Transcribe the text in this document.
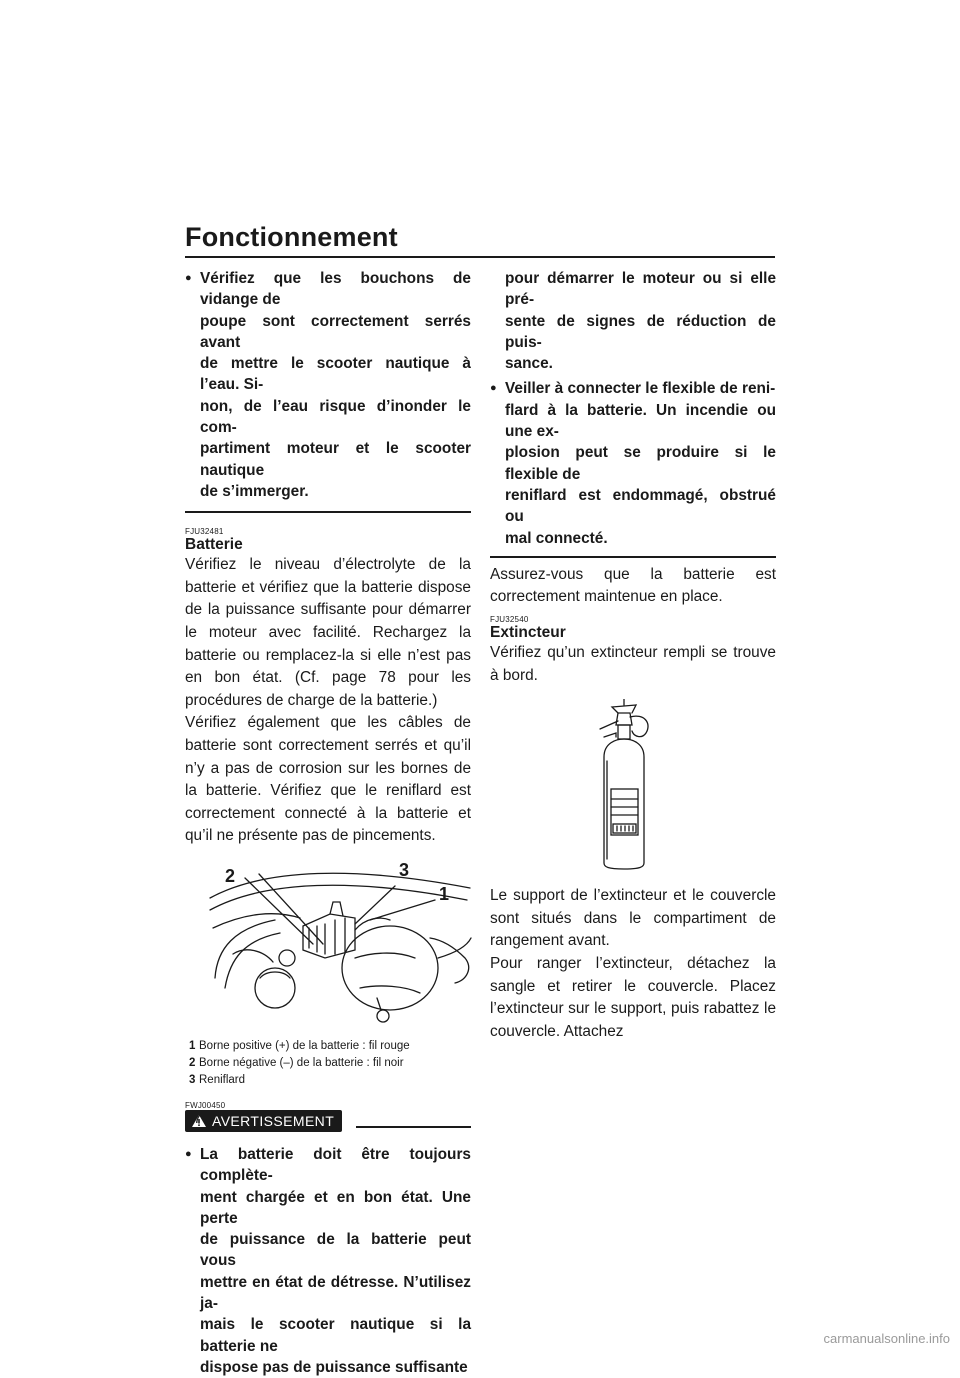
Fonctionnement
● Vérifiez que les bouchons de vidange de
poupe sont correctement serrés avant
de mettre le scooter nautique à l’eau. Si-
non, de l’eau risque d’inonder le com-
partiment moteur et le scooter nautique
de s’immerger.
FJU32481
Batterie
Vérifiez le niveau d’électrolyte de la batterie et vérifiez que la batterie dispose de la puissance suffisante pour démarrer le moteur avec facilité. Rechargez la batterie ou remplacez-la si elle n’est pas en bon état. (Cf. page 78 pour les procédures de charge de la batterie.)
Vérifiez également que les câbles de batterie sont correctement serrés et qu’il n’y a pas de corrosion sur les bornes de la batterie. Vérifiez que le reniflard est correctement connecté à la batterie et qu’il ne présente pas de pincements.
2	3
1
1 Borne positive (+) de la batterie : fil rouge
2 Borne négative (–) de la batterie : fil noir
3 Reniflard
FWJ00450
AVERTISSEMENT
● La batterie doit être toujours complète-
ment chargée et en bon état. Une perte
de puissance de la batterie peut vous
mettre en état de détresse. N’utilisez ja-
mais le scooter nautique si la batterie ne
dispose pas de puissance suffisante
pour démarrer le moteur ou si elle pré-
sente de signes de réduction de puis-
sance.
● Veiller à connecter le flexible de reni-
flard à la batterie. Un incendie ou une ex-
plosion peut se produire si le flexible de
reniflard est endommagé, obstrué ou
mal connecté.
Assurez-vous que la batterie est correctement maintenue en place.
FJU32540
Extincteur
Vérifiez qu’un extincteur rempli se trouve à bord.
Le support de l’extincteur et le couvercle sont situés dans le compartiment de rangement avant.
Pour ranger l’extincteur, détachez la sangle et retirer le couvercle. Placez l’extincteur sur le support, puis rabattez le couvercle. Attachez
47
carmanualsonline.info
